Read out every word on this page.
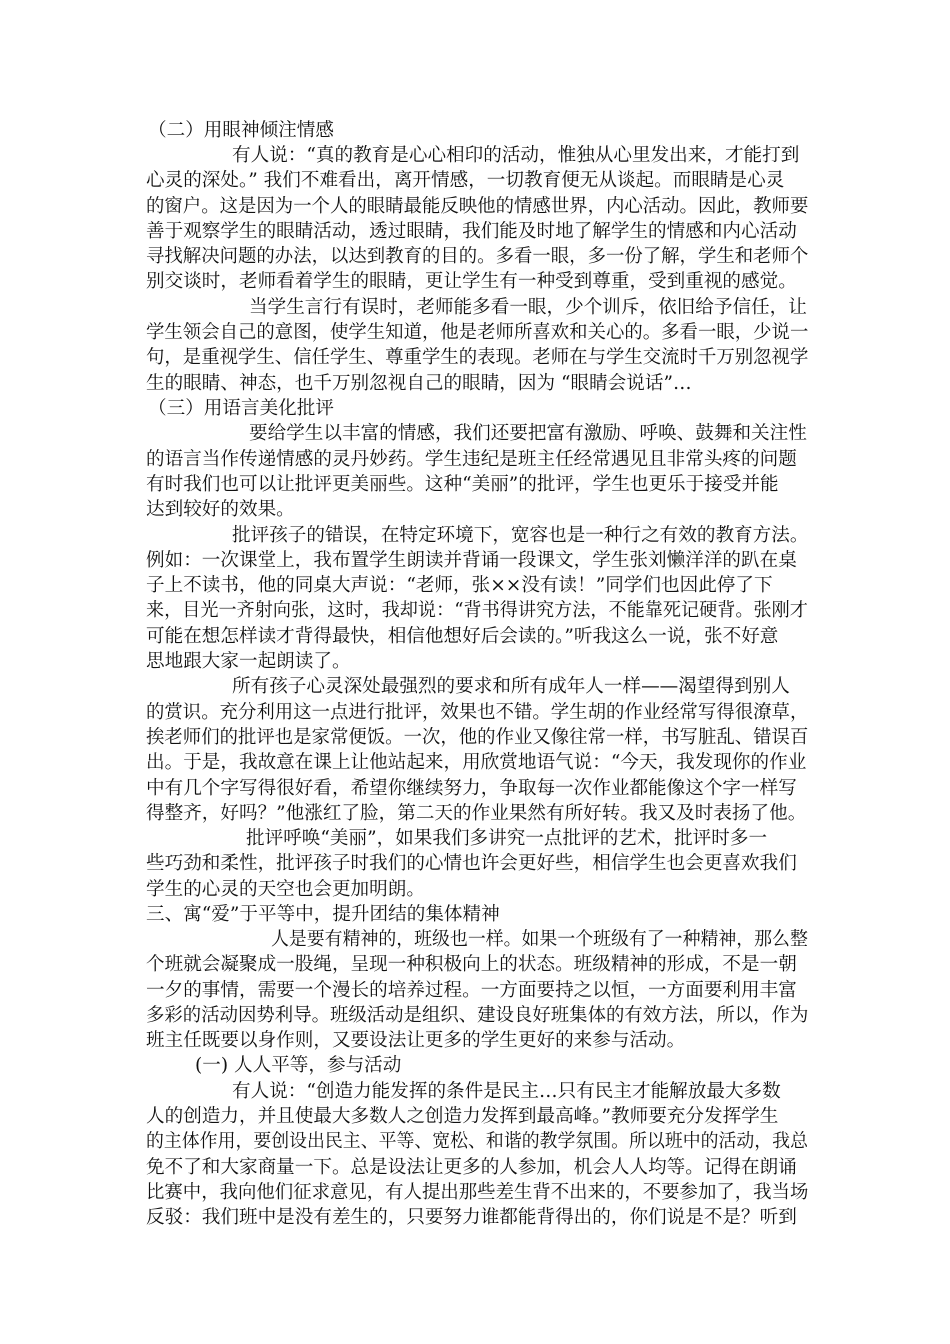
（二）用眼神倾注情感
有人说：“真的教育是心心相印的活动，惟独从心里发出来，才能打到
心灵的深处。” 我们不难看出，离开情感，一切教育便无从谈起。而眼睛是心灵
的窗户。这是因为一个人的眼睛最能反映他的情感世界，内心活动。因此，教师要
善于观察学生的眼睛活动，透过眼睛，我们能及时地了解学生的情感和内心活动
寻找解决问题的办法，以达到教育的目的。多看一眼，多一份了解，学生和老师个
别交谈时，老师看着学生的眼睛，更让学生有一种受到尊重，受到重视的感觉。
当学生言行有误时，老师能多看一眼，少个训斥，依旧给予信任，让
学生领会自己的意图，使学生知道，他是老师所喜欢和关心的。多看一眼，少说一
句，是重视学生、信任学生、尊重学生的表现。老师在与学生交流时千万别忽视学
生的眼睛、神态，也千万别忽视自己的眼睛，因为 “眼睛会说话”…
（三）用语言美化批评
要给学生以丰富的情感，我们还要把富有激励、呼唤、鼓舞和关注性
的语言当作传递情感的灵丹妙药。学生违纪是班主任经常遇见且非常头疼的问题
有时我们也可以让批评更美丽些。这种“美丽”的批评，学生也更乐于接受并能
达到较好的效果。
批评孩子的错误，在特定环境下，宽容也是一种行之有效的教育方法。
例如：一次课堂上，我布置学生朗读并背诵一段课文，学生张刘懒洋洋的趴在桌
子上不读书，他的同桌大声说：“老师，张××没有读！”同学们也因此停了下
来，目光一齐射向张，这时，我却说：“背书得讲究方法，不能靠死记硬背。张刚才
可能在想怎样读才背得最快，相信他想好后会读的。”听我这么一说，张不好意
思地跟大家一起朗读了。
所有孩子心灵深处最强烈的要求和所有成年人一样——渴望得到别人
的赏识。充分利用这一点进行批评，效果也不错。学生胡的作业经常写得很潦草，
挨老师们的批评也是家常便饭。一次，他的作业又像往常一样，书写脏乱、错误百
出。于是，我故意在课上让他站起来，用欣赏地语气说：“今天，我发现你的作业
中有几个字写得很好看，希望你继续努力，争取每一次作业都能像这个字一样写
得整齐，好吗？”他涨红了脸，第二天的作业果然有所好转。我又及时表扬了他。
批评呼唤“美丽”，如果我们多讲究一点批评的艺术，批评时多一
些巧劲和柔性，批评孩子时我们的心情也许会更好些，相信学生也会更喜欢我们
学生的心灵的天空也会更加明朗。
三、寓“爱”于平等中，提升团结的集体精神
人是要有精神的，班级也一样。如果一个班级有了一种精神，那么整
个班就会凝聚成一股绳，呈现一种积极向上的状态。班级精神的形成，不是一朝
一夕的事情，需要一个漫长的培养过程。一方面要持之以恒，一方面要利用丰富
多彩的活动因势利导。班级活动是组织、建设良好班集体的有效方法，所以，作为
班主任既要以身作则，又要设法让更多的学生更好的来参与活动。
(一) 人人平等，参与活动
有人说：“创造力能发挥的条件是民主…只有民主才能解放最大多数
人的创造力，并且使最大多数人之创造力发挥到最高峰。”教师要充分发挥学生
的主体作用，要创设出民主、平等、宽松、和谐的教学氛围。所以班中的活动，我总
免不了和大家商量一下。总是设法让更多的人参加，机会人人均等。记得在朗诵
比赛中，我向他们征求意见，有人提出那些差生背不出来的，不要参加了，我当场
反驳：我们班中是没有差生的，只要努力谁都能背得出的，你们说是不是？听到
